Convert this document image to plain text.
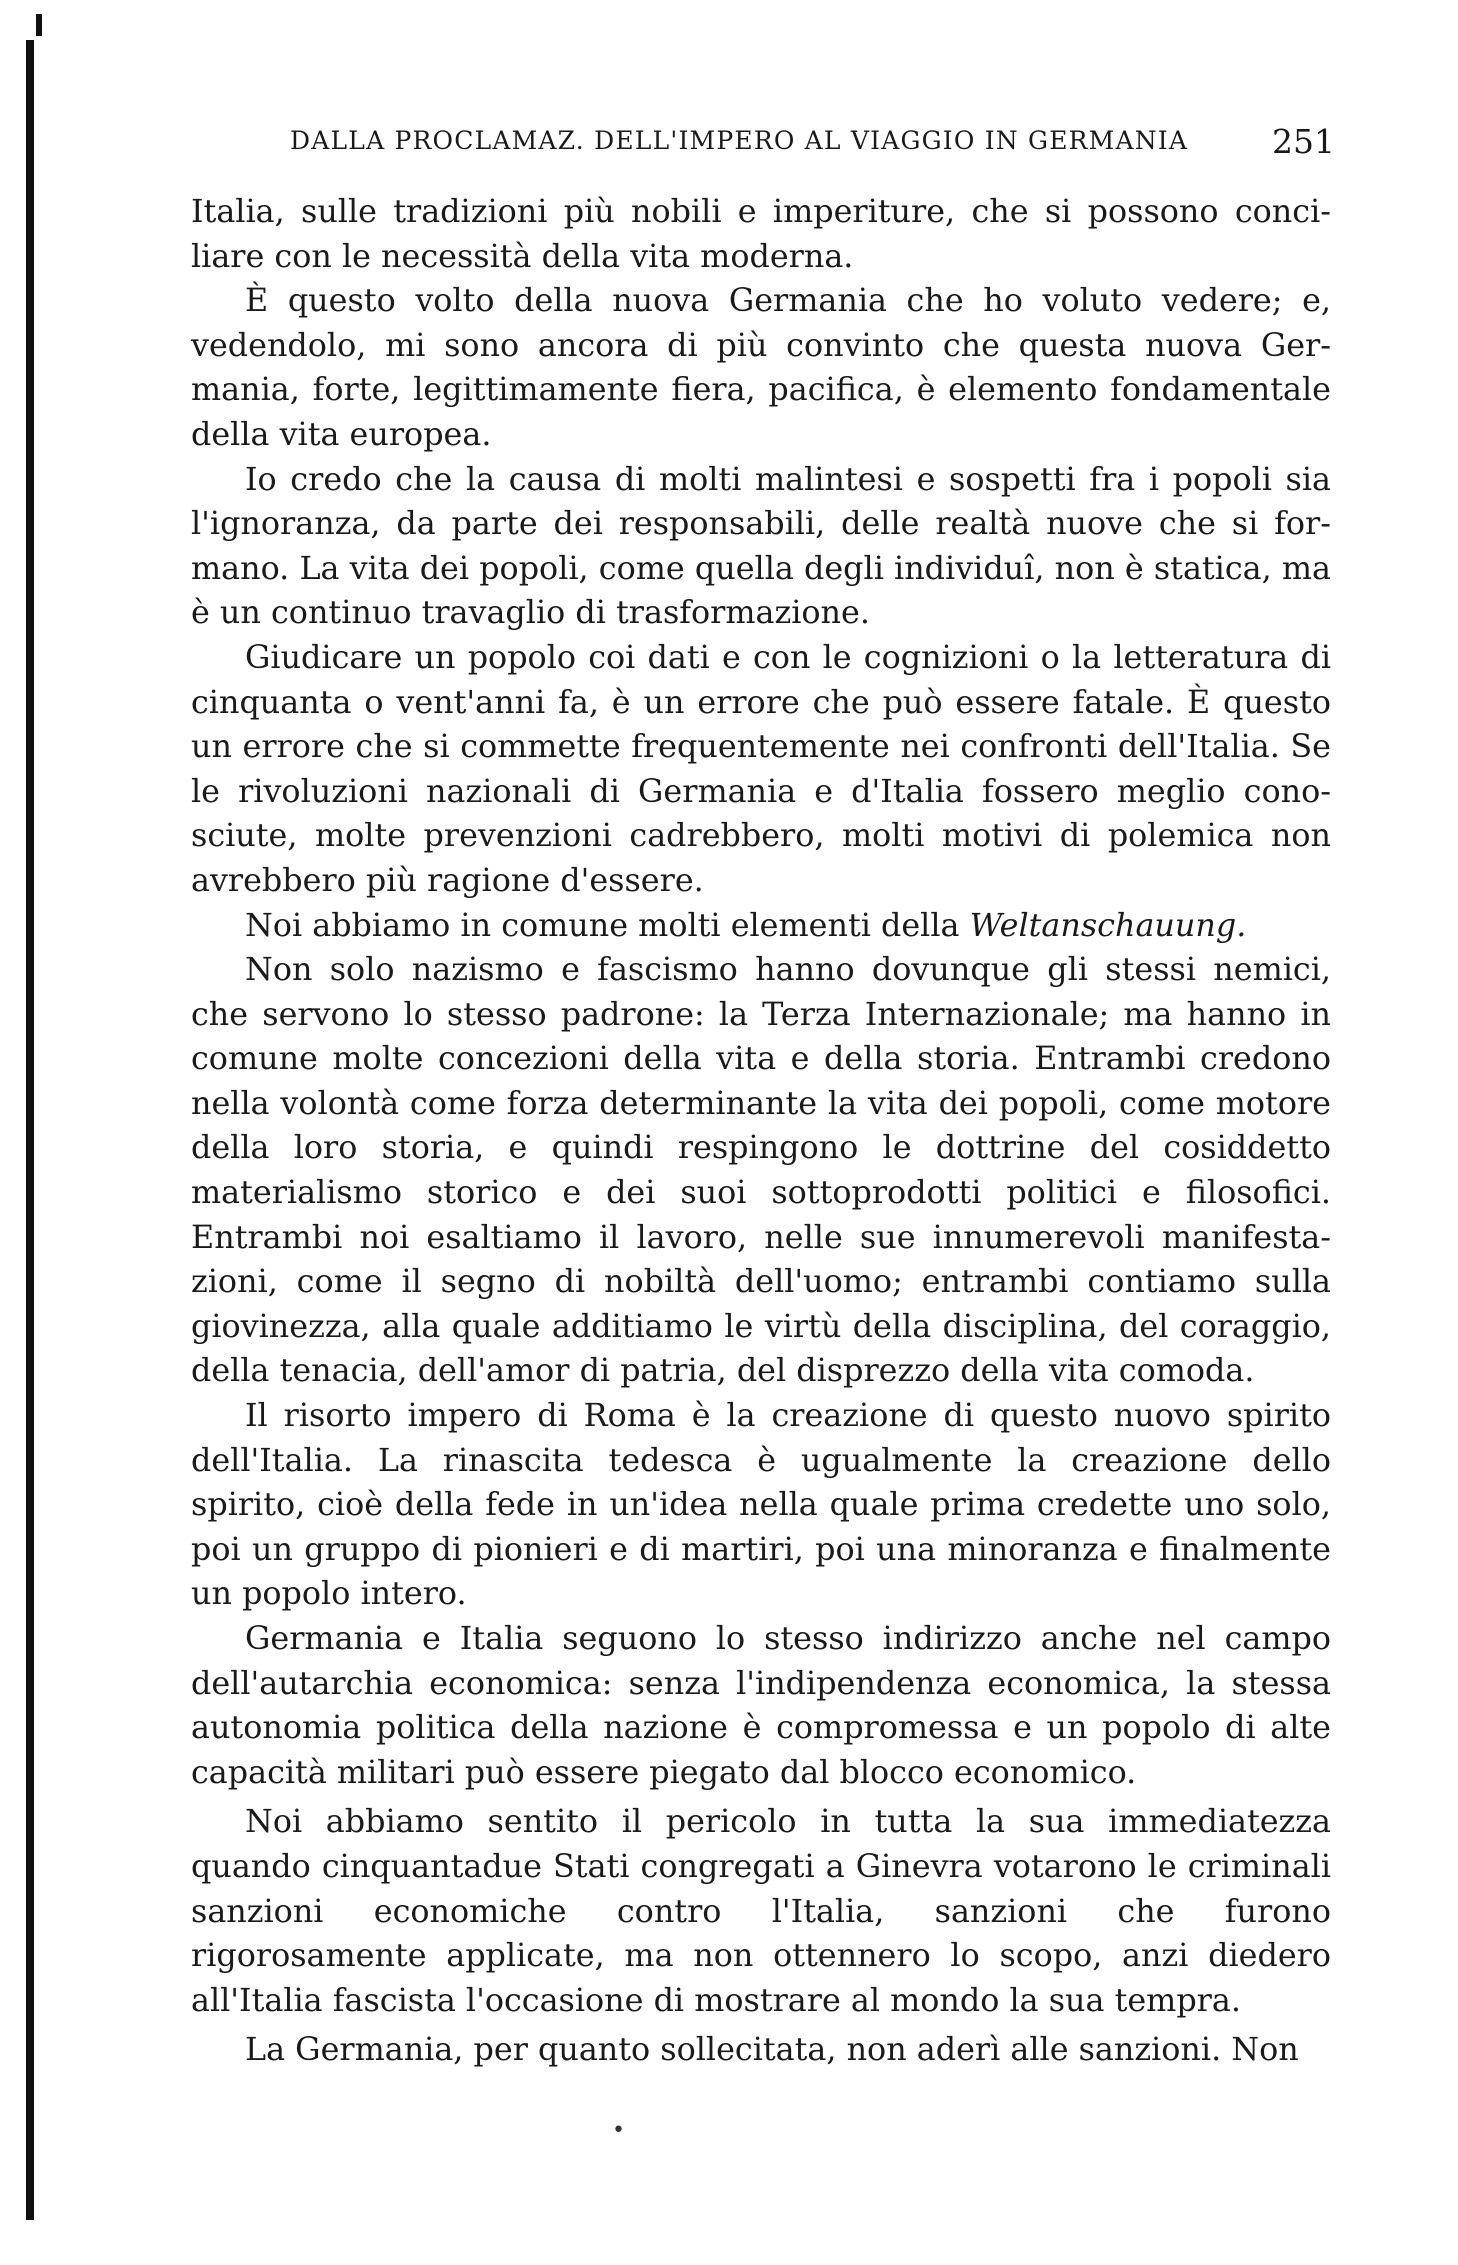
DALLA PROCLAMAZ. DELL'IMPERO AL VIAGGIO IN GERMANIA	251

Italia, sulle tradizioni più nobili e imperiture, che si possono conciliare con le necessità della vita moderna.

È questo volto della nuova Germania che ho voluto vedere; e, vedendolo, mi sono ancora di più convinto che questa nuova Germania, forte, legittimamente fiera, pacifica, è elemento fondamentale della vita europea.

Io credo che la causa di molti malintesi e sospetti fra i popoli sia l'ignoranza, da parte dei responsabili, delle realtà nuove che si formano. La vita dei popoli, come quella degli individuî, non è statica, ma è un continuo travaglio di trasformazione.

Giudicare un popolo coi dati e con le cognizioni o la letteratura di cinquanta o vent'anni fa, è un errore che può essere fatale. È questo un errore che si commette frequentemente nei confronti dell'Italia. Se le rivoluzioni nazionali di Germania e d'Italia fossero meglio conosciute, molte prevenzioni cadrebbero, molti motivi di polemica non avrebbero più ragione d'essere.

Noi abbiamo in comune molti elementi della Weltanschauung.

Non solo nazismo e fascismo hanno dovunque gli stessi nemici, che servono lo stesso padrone: la Terza Internazionale; ma hanno in comune molte concezioni della vita e della storia. Entrambi credono nella volontà come forza determinante la vita dei popoli, come motore della loro storia, e quindi respingono le dottrine del cosiddetto materialismo storico e dei suoi sottoprodotti politici e filosofici. Entrambi noi esaltiamo il lavoro, nelle sue innumerevoli manifestazioni, come il segno di nobiltà dell'uomo; entrambi contiamo sulla giovinezza, alla quale additiamo le virtù della disciplina, del coraggio, della tenacia, dell'amor di patria, del disprezzo della vita comoda.

Il risorto impero di Roma è la creazione di questo nuovo spirito dell'Italia. La rinascita tedesca è ugualmente la creazione dello spirito, cioè della fede in un'idea nella quale prima credette uno solo, poi un gruppo di pionieri e di martiri, poi una minoranza e finalmente un popolo intero.

Germania e Italia seguono lo stesso indirizzo anche nel campo dell'autarchia economica: senza l'indipendenza economica, la stessa autonomia politica della nazione è compromessa e un popolo di alte capacità militari può essere piegato dal blocco economico.

Noi abbiamo sentito il pericolo in tutta la sua immediatezza quando cinquantadue Stati congregati a Ginevra votarono le criminali sanzioni economiche contro l'Italia, sanzioni che furono rigorosamente applicate, ma non ottennero lo scopo, anzi diedero all'Italia fascista l'occasione di mostrare al mondo la sua tempra.

La Germania, per quanto sollecitata, non aderì alle sanzioni. Non

•
